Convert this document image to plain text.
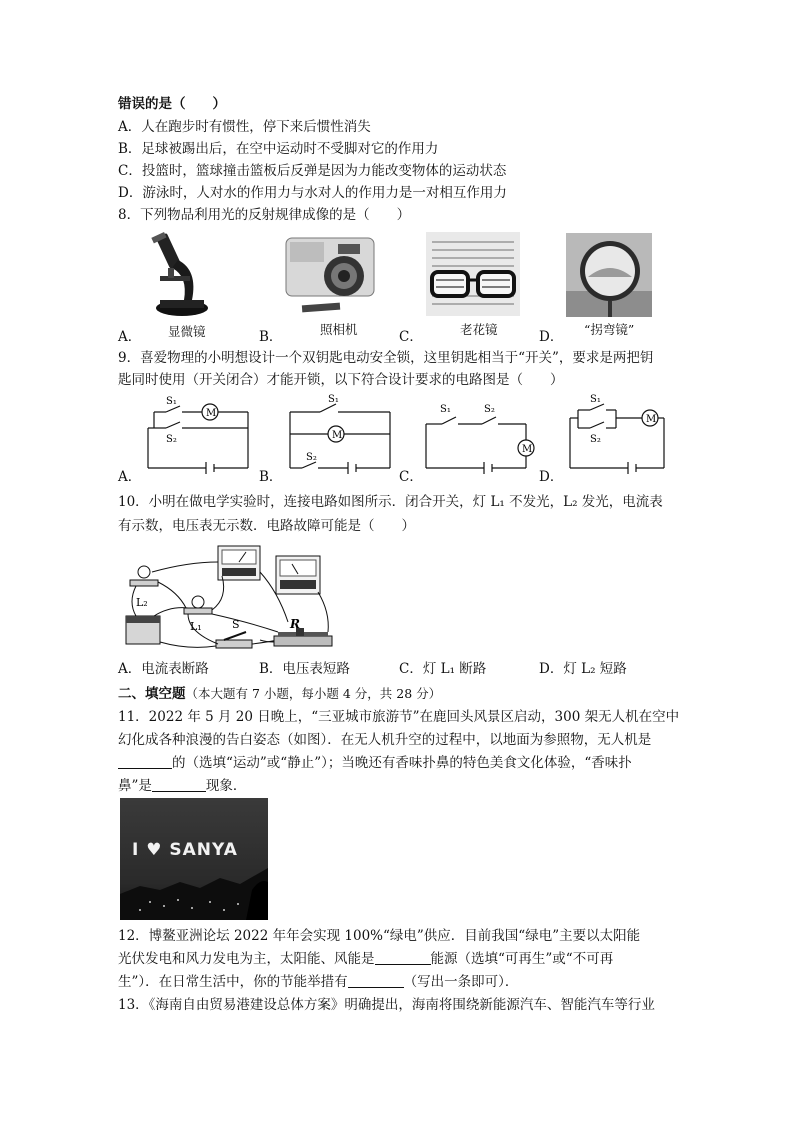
错误的是（　　）
A．人在跑步时有惯性，停下来后惯性消失
B．足球被踢出后，在空中运动时不受脚对它的作用力
C．投篮时，篮球撞击篮板后反弹是因为力能改变物体的运动状态
D．游泳时，人对水的作用力与水对人的作用力是一对相互作用力
8．下列物品利用光的反射规律成像的是（　　）
A． 显微镜	B．	照相机	C．	老花镜	D． “拐弯镜”
9．喜爱物理的小明想设计一个双钥匙电动安全锁，这里钥匙相当于“开关”，要求是两把钥
匙同时使用（开关闭合）才能开锁，以下符合设计要求的电路图是（　　）
S₁
S₂
M
S₁
S₂
M
S₁	S₂
M
S₁
S₂
M
A．	B．	C．	D．
10．小明在做电学实验时，连接电路如图所示．闭合开关，灯 L₁ 不发光，L₂ 发光，电流表
有示数，电压表无示数．电路故障可能是（　　）
L₂
L₁	S	R
A．电流表断路	B．电压表短路	C．灯 L₁ 断路	D．灯 L₂ 短路
二、填空题（本大题有 7 小题，每小题 4 分，共 28 分）
11．2022 年 5 月 20 日晚上，“三亚城市旅游节”在鹿回头风景区启动，300 架无人机在空中
幻化成各种浪漫的告白姿态（如图）．在无人机升空的过程中，以地面为参照物，无人机是
的（选填“运动”或“静止”）；当晚还有香味扑鼻的特色美食文化体验，“香味扑
鼻”是	现象．
I ♥ SANYA
12．博鳌亚洲论坛 2022 年年会实现 100%“绿电”供应．目前我国“绿电”主要以太阳能
光伏发电和风力发电为主，太阳能、风能是	能源（选填“可再生”或“不可再
生”）．在日常生活中，你的节能举措有	（写出一条即可）．
13．《海南自由贸易港建设总体方案》明确提出，海南将围绕新能源汽车、智能汽车等行业
